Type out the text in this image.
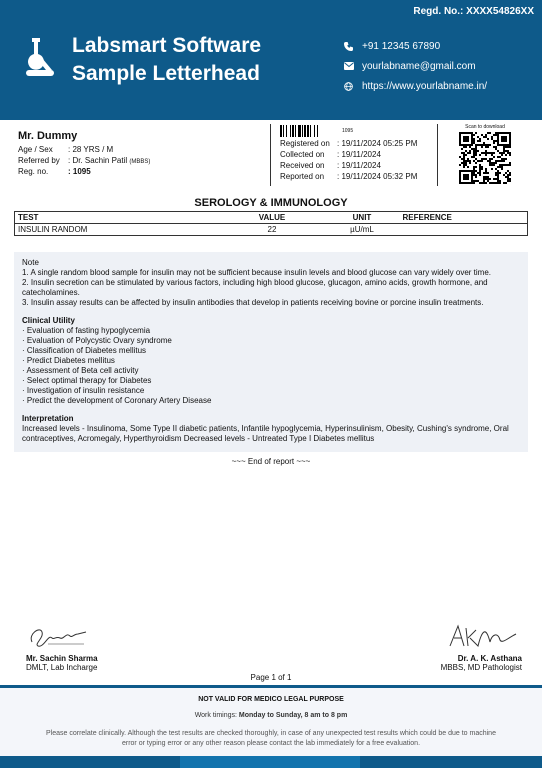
Regd. No.: XXXX54826XX
Labsmart Software
Sample Letterhead
+91 12345 67890
yourlabname@gmail.com
https://www.yourlabname.in/
Mr. Dummy
Age / Sex	: 28 YRS / M
Referred by	: Dr. Sachin Patil (MBBS)
Reg. no.	: 1095
1095
Registered on : 19/11/2024 05:25 PM
Collected on	: 19/11/2024
Received on	: 19/11/2024
Reported on	: 19/11/2024 05:32 PM
Scan to download
SEROLOGY & IMMUNOLOGY
TEST	VALUE	UNIT	REFERENCE
INSULIN RANDOM	22	µU/mL	

Note

1. A single random blood sample for insulin may not be sufficient because insulin levels and blood glucose can vary widely over time.

2. Insulin secretion can be stimulated by various factors, including high blood glucose, glucagon, amino acids, growth hormone, and catecholamines.

3. Insulin assay results can be affected by insulin antibodies that develop in patients receiving bovine or porcine insulin treatments.

Clinical Utility

· Evaluation of fasting hypoglycemia

· Evaluation of Polycystic Ovary syndrome

· Classification of Diabetes mellitus

· Predict Diabetes mellitus

· Assessment of Beta cell activity

· Select optimal therapy for Diabetes

· Investigation of insulin resistance

· Predict the development of Coronary Artery Disease

Interpretation

Increased levels - Insulinoma, Some Type II diabetic patients, Infantile hypoglycemia, Hyperinsulinism, Obesity, Cushing's syndrome, Oral contraceptives, Acromegaly, Hyperthyroidism Decreased levels - Untreated Type I Diabetes mellitus

~~~ End of report ~~~
Mr. Sachin Sharma
DMLT, Lab Incharge
Dr. A. K. Asthana
MBBS, MD Pathologist
Page 1 of 1
NOT VALID FOR MEDICO LEGAL PURPOSE
Work timings: Monday to Sunday, 8 am to 8 pm
Please correlate clinically. Although the test results are checked thoroughly, in case of any unexpected test results which could be due to machine error or typing error or any other reason please contact the lab immediately for a free evaluation.
